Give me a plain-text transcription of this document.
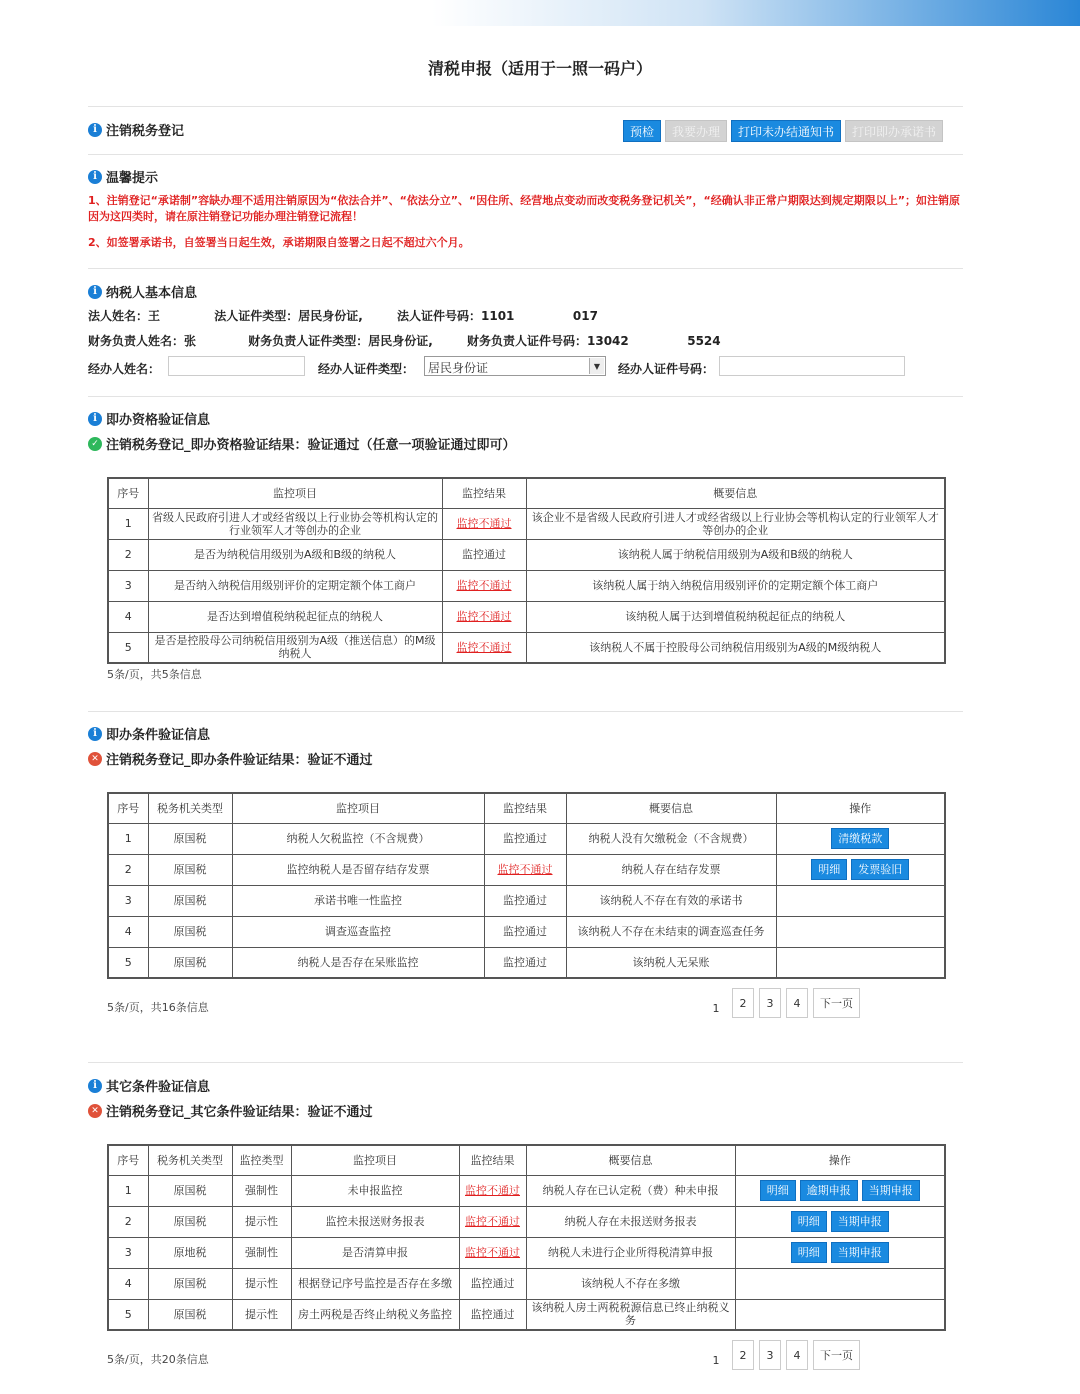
清税申报（适用于一照一码户）
i 注销税务登记	预检	我要办理	打印未办结通知书	打印即办承诺书
i 温馨提示
1、注销登记“承诺制”容缺办理不适用注销原因为“依法合并”、“依法分立”、“因住所、经营地点变动而改变税务登记机关”，“经确认非正常户期限达到规定期限以上”；如注销原因为这四类时，请在原注销登记功能办理注销登记流程！
2、如签署承诺书，自签署当日起生效，承诺期限自签署之日起不超过六个月。
i 纳税人基本信息
法人姓名：王	法人证件类型：居民身份证,	法人证件号码：1101              017
财务负责人姓名：张	财务负责人证件类型：居民身份证,	财务负责人证件号码：13042              5524
经办人姓名：	经办人证件类型：	居民身份证	▼	经办人证件号码：
i 即办资格验证信息
✓ 注销税务登记_即办资格验证结果：验证通过（任意一项验证通过即可）
序号	监控项目	监控结果	概要信息
1	省级人民政府引进人才或经省级以上行业协会等机构认定的行业领军人才等创办的企业	监控不通过	该企业不是省级人民政府引进人才或经省级以上行业协会等机构认定的行业领军人才等创办的企业
2	是否为纳税信用级别为A级和B级的纳税人	监控通过	该纳税人属于纳税信用级别为A级和B级的纳税人
3	是否纳入纳税信用级别评价的定期定额个体工商户	监控不通过	该纳税人属于纳入纳税信用级别评价的定期定额个体工商户
4	是否达到增值税纳税起征点的纳税人	监控不通过	该纳税人属于达到增值税纳税起征点的纳税人
5	是否是控股母公司纳税信用级别为A级（推送信息）的M级纳税人	监控不通过	该纳税人不属于控股母公司纳税信用级别为A级的M级纳税人
5条/页，共5条信息
i 即办条件验证信息
✕ 注销税务登记_即办条件验证结果：验证不通过
序号	税务机关类型	监控项目	监控结果	概要信息	操作
1	原国税	纳税人欠税监控（不含规费）	监控通过	纳税人没有欠缴税金（不含规费）	清缴税款
2	原国税	监控纳税人是否留存结存发票	监控不通过	纳税人存在结存发票	明细 发票验旧
3	原国税	承诺书唯一性监控	监控通过	该纳税人不存在有效的承诺书	
4	原国税	调查巡查监控	监控通过	该纳税人不存在未结束的调查巡查任务	
5	原国税	纳税人是否存在呆账监控	监控通过	该纳税人无呆账	
5条/页，共16条信息	1	2	3	4	下一页
i 其它条件验证信息
✕ 注销税务登记_其它条件验证结果：验证不通过
序号	税务机关类型	监控类型	监控项目	监控结果	概要信息	操作
1	原国税	强制性	未申报监控	监控不通过	纳税人存在已认定税（费）种未申报	明细 逾期申报 当期申报
2	原国税	提示性	监控未报送财务报表	监控不通过	纳税人存在未报送财务报表	明细 当期申报
3	原地税	强制性	是否清算申报	监控不通过	纳税人未进行企业所得税清算申报	明细 当期申报
4	原国税	提示性	根据登记序号监控是否存在多缴	监控通过	该纳税人不存在多缴	
5	原国税	提示性	房土两税是否终止纳税义务监控	监控通过	该纳税人房土两税税源信息已终止纳税义务	
5条/页，共20条信息	1	2	3	4	下一页
